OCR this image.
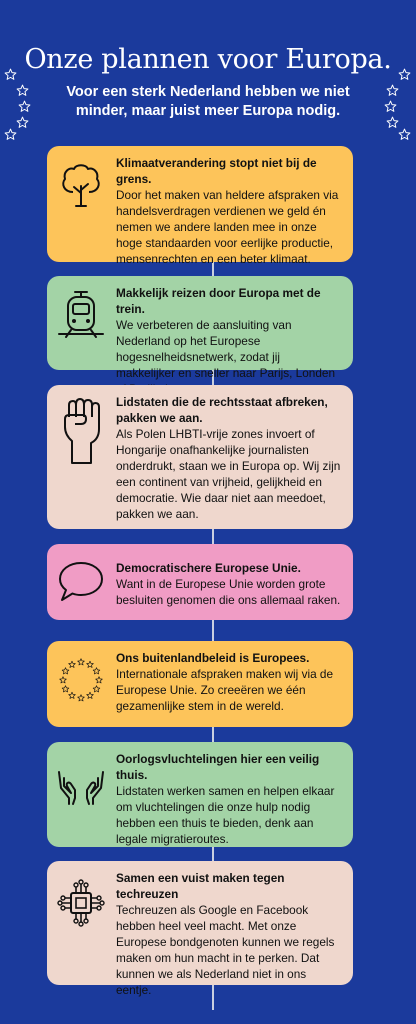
Onze plannen voor Europa.
Voor een sterk Nederland hebben we niet minder, maar juist meer Europa nodig.
Klimaatverandering stopt niet bij de grens.
Door het maken van heldere afspraken via handelsverdragen verdienen we geld én nemen we andere landen mee in onze hoge standaarden voor eerlijke productie, mensenrechten en een beter klimaat.
Makkelijk reizen door Europa met de trein.
We verbeteren de aansluiting van Nederland op het Europese hogesnelheidsnetwerk, zodat jij makkelijker en sneller naar Parijs, Londen
Lidstaten die de rechtsstaat afbreken, pakken we aan.
Als Polen LHBTI-vrije zones invoert of Hongarije onafhankelijke journalisten onderdrukt, staan we in Europa op. Wij zijn een continent van vrijheid, gelijkheid en democratie. Wie daar niet aan meedoet, pakken we aan.
Democratischere Europese Unie.
Want in de Europese Unie worden grote besluiten genomen die ons allemaal raken.
Ons buitenlandbeleid is Europees.
Internationale afspraken maken wij via de Europese Unie. Zo creeëren we één gezamenlijke stem in de wereld.
Oorlogsvluchtelingen hier een veilig thuis.
Lidstaten werken samen en helpen elkaar om vluchtelingen die onze hulp nodig hebben een thuis te bieden, denk aan legale migratieroutes.
Samen een vuist maken tegen techreuzen
Techreuzen als Google en Facebook hebben heel veel macht. Met onze Europese bondgenoten kunnen we regels maken om hun macht in te perken. Dat kunnen we als Nederland niet in ons eentje.
